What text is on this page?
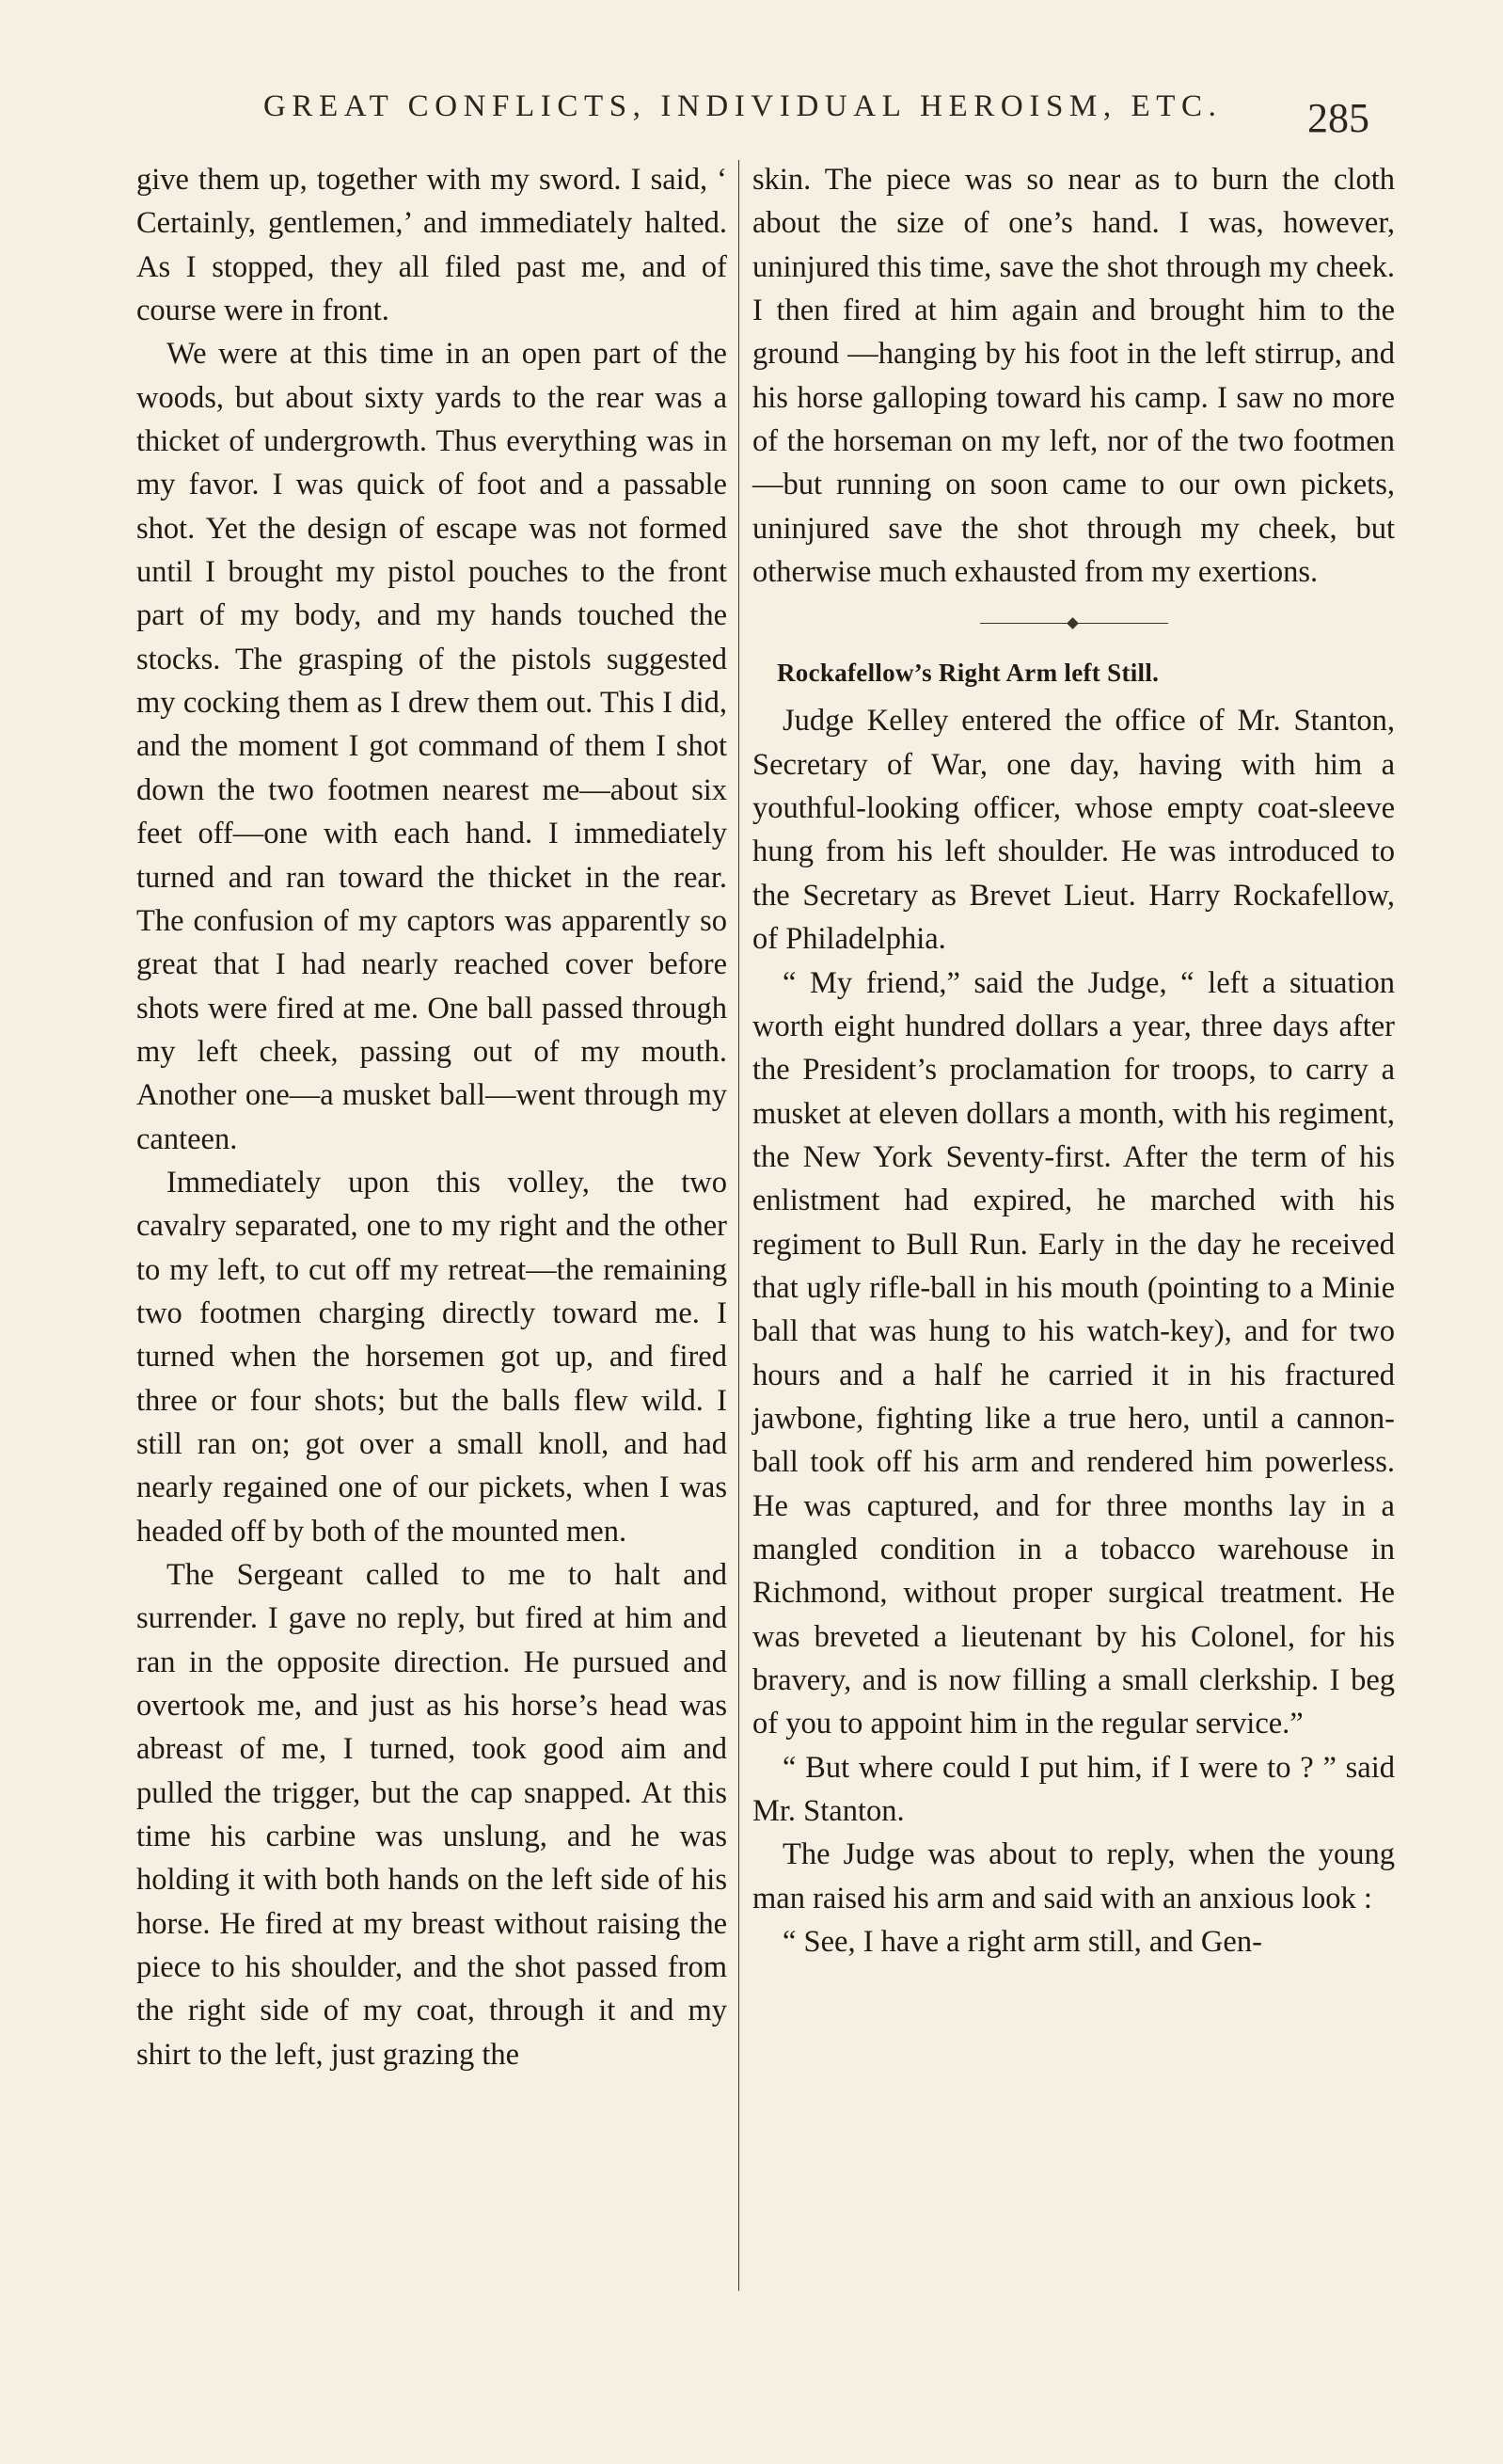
GREAT CONFLICTS, INDIVIDUAL HEROISM, ETC. 285

give them up, together with my sword. I said, ‘ Certainly, gentlemen,’ and immediately halted. As I stopped, they all filed past me, and of course were in front.

We were at this time in an open part of the woods, but about sixty yards to the rear was a thicket of undergrowth. Thus everything was in my favor. I was quick of foot and a passable shot. Yet the design of escape was not formed until I brought my pistol pouches to the front part of my body, and my hands touched the stocks. The grasping of the pistols suggested my cocking them as I drew them out. This I did, and the moment I got command of them I shot down the two footmen nearest me—about six feet off—one with each hand. I immediately turned and ran toward the thicket in the rear. The confusion of my captors was apparently so great that I had nearly reached cover before shots were fired at me. One ball passed through my left cheek, passing out of my mouth. Another one—a musket ball—went through my canteen.

Immediately upon this volley, the two cavalry separated, one to my right and the other to my left, to cut off my retreat—the remaining two footmen charging directly toward me. I turned when the horsemen got up, and fired three or four shots; but the balls flew wild. I still ran on; got over a small knoll, and had nearly regained one of our pickets, when I was headed off by both of the mounted men.

The Sergeant called to me to halt and surrender. I gave no reply, but fired at him and ran in the opposite direction. He pursued and overtook me, and just as his horse’s head was abreast of me, I turned, took good aim and pulled the trigger, but the cap snapped. At this time his carbine was unslung, and he was holding it with both hands on the left side of his horse. He fired at my breast without raising the piece to his shoulder, and the shot passed from the right side of my coat, through it and my shirt to the left, just grazing the

skin. The piece was so near as to burn the cloth about the size of one’s hand. I was, however, uninjured this time, save the shot through my cheek. I then fired at him again and brought him to the ground —hanging by his foot in the left stirrup, and his horse galloping toward his camp. I saw no more of the horseman on my left, nor of the two footmen—but running on soon came to our own pickets, uninjured save the shot through my cheek, but otherwise much exhausted from my exertions.

Rockafellow’s Right Arm left Still.

Judge Kelley entered the office of Mr. Stanton, Secretary of War, one day, having with him a youthful-looking officer, whose empty coat-sleeve hung from his left shoulder. He was introduced to the Secretary as Brevet Lieut. Harry Rockafellow, of Philadelphia.

“ My friend,” said the Judge, “ left a situation worth eight hundred dollars a year, three days after the President’s proclamation for troops, to carry a musket at eleven dollars a month, with his regiment, the New York Seventy-first. After the term of his enlistment had expired, he marched with his regiment to Bull Run. Early in the day he received that ugly rifle-ball in his mouth (pointing to a Minie ball that was hung to his watch-key), and for two hours and a half he carried it in his fractured jawbone, fighting like a true hero, until a cannon-ball took off his arm and rendered him powerless. He was captured, and for three months lay in a mangled condition in a tobacco warehouse in Richmond, without proper surgical treatment. He was breveted a lieutenant by his Colonel, for his bravery, and is now filling a small clerkship. I beg of you to appoint him in the regular service.”

“ But where could I put him, if I were to ? ” said Mr. Stanton.

The Judge was about to reply, when the young man raised his arm and said with an anxious look :

“ See, I have a right arm still, and Gen-
